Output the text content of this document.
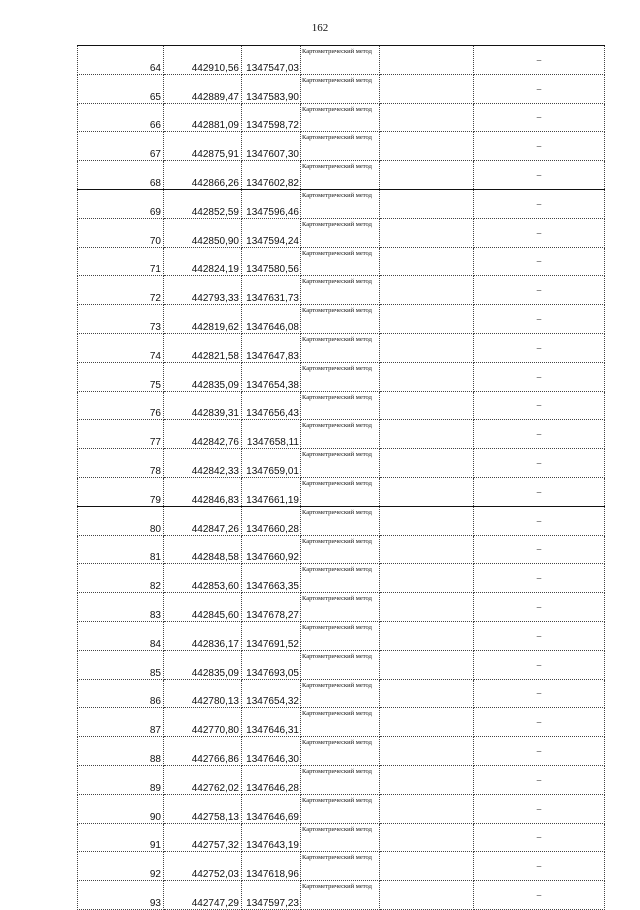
162
64	442910,56	1347547,03	Картометрический метод		–
65	442889,47	1347583,90	Картометрический метод		–
66	442881,09	1347598,72	Картометрический метод		–
67	442875,91	1347607,30	Картометрический метод		–
68	442866,26	1347602,82	Картометрический метод		–
69	442852,59	1347596,46	Картометрический метод		–
70	442850,90	1347594,24	Картометрический метод		–
71	442824,19	1347580,56	Картометрический метод		–
72	442793,33	1347631,73	Картометрический метод		–
73	442819,62	1347646,08	Картометрический метод		–
74	442821,58	1347647,83	Картометрический метод		–
75	442835,09	1347654,38	Картометрический метод		–
76	442839,31	1347656,43	Картометрический метод		–
77	442842,76	1347658,11	Картометрический метод		–
78	442842,33	1347659,01	Картометрический метод		–
79	442846,83	1347661,19	Картометрический метод		–
80	442847,26	1347660,28	Картометрический метод		–
81	442848,58	1347660,92	Картометрический метод		–
82	442853,60	1347663,35	Картометрический метод		–
83	442845,60	1347678,27	Картометрический метод		–
84	442836,17	1347691,52	Картометрический метод		–
85	442835,09	1347693,05	Картометрический метод		–
86	442780,13	1347654,32	Картометрический метод		–
87	442770,80	1347646,31	Картометрический метод		–
88	442766,86	1347646,30	Картометрический метод		–
89	442762,02	1347646,28	Картометрический метод		–
90	442758,13	1347646,69	Картометрический метод		–
91	442757,32	1347643,19	Картометрический метод		–
92	442752,03	1347618,96	Картометрический метод		–
93	442747,29	1347597,23	Картометрический метод		–
